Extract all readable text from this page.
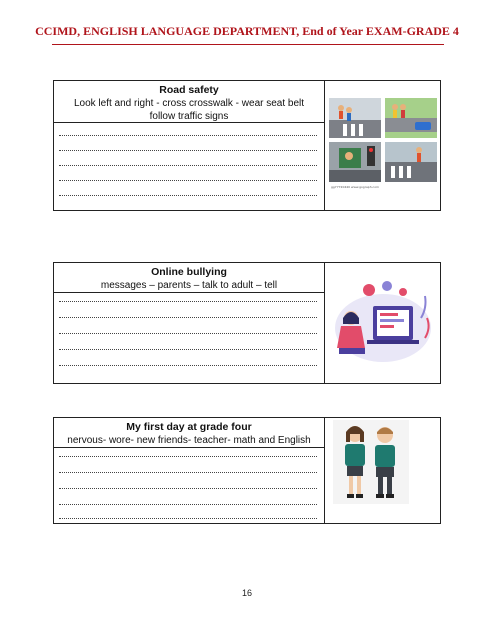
CCIMD, ENGLISH LANGUAGE DEPARTMENT, End of Year EXAM-GRADE 4
Road safety
Look left and right - cross crosswalk - wear seat belt
follow traffic signs
gg77720440 www.gograph.com
Online bullying
messages – parents – talk to adult – tell
My first day at grade four
nervous- wore- new friends- teacher- math and English
16
